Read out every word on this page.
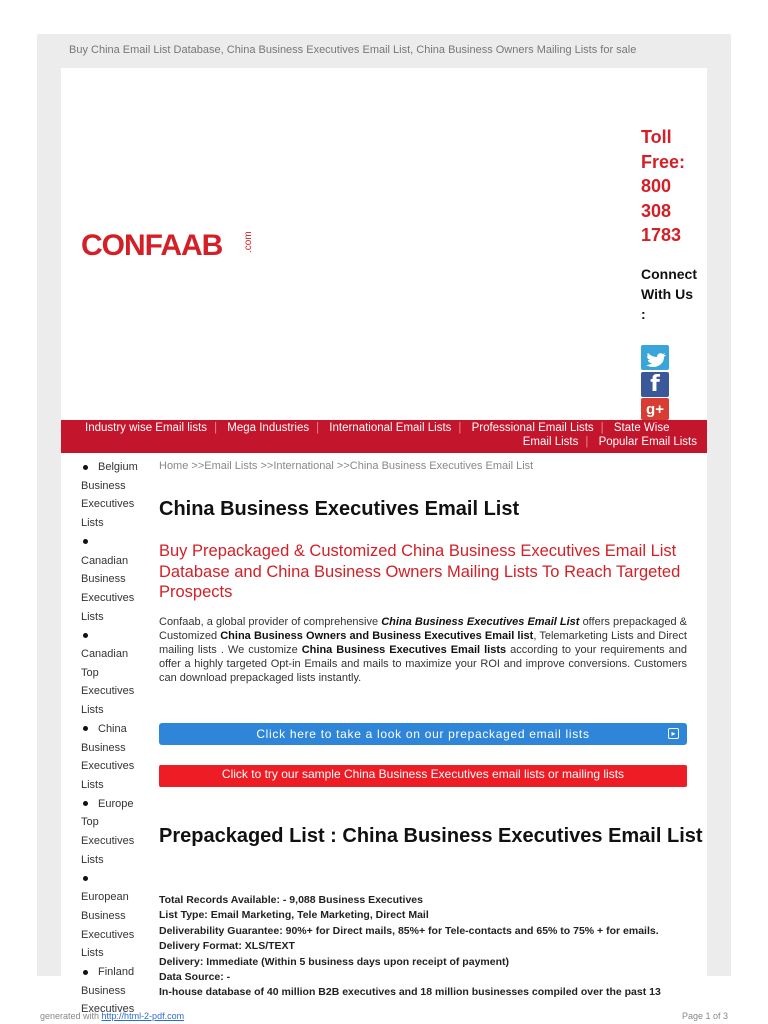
Buy China Email List Database, China Business Executives Email List, China Business Owners Mailing Lists for sale
CONFAAB .com
Toll
Free:
800
308
1783
Connect
With Us
:
f
g+
Industry wise Email lists | Mega Industries | International Email Lists | Professional Email Lists | State Wise
Email Lists | Popular Email Lists
Belgium
Business
Executives
Lists
Canadian
Business
Executives
Lists
Canadian
Top
Executives
Lists
China
Business
Executives
Lists
Europe
Top
Executives
Lists
European
Business
Executives
Lists
Finland
Business
Executives
Home >>Email Lists >>International >>China Business Executives Email List
China Business Executives Email List
Buy Prepackaged & Customized China Business Executives Email List Database and China Business Owners Mailing Lists To Reach Targeted Prospects
Confaab, a global provider of comprehensive China Business Executives Email List offers prepackaged & Customized China Business Owners and Business Executives Email list, Telemarketing Lists and Direct mailing lists . We customize China Business Executives Email lists according to your requirements and offer a highly targeted Opt-in Emails and mails to maximize your ROI and improve conversions. Customers can download prepackaged lists instantly.
Click here to take a look on our prepackaged email lists	▸
Click to try our sample China Business Executives email lists or mailing lists
Prepackaged List : China Business Executives Email List
Total Records Available: - 9,088 Business Executives
List Type: Email Marketing, Tele Marketing, Direct Mail
Deliverability Guarantee: 90%+ for Direct mails, 85%+ for Tele-contacts and 65% to 75% + for emails.
Delivery Format: XLS/TEXT
Delivery: Immediate (Within 5 business days upon receipt of payment)
Data Source: -
In-house database of 40 million B2B executives and 18 million businesses compiled over the past 13
generated with http://html-2-pdf.com	Page 1 of 3
